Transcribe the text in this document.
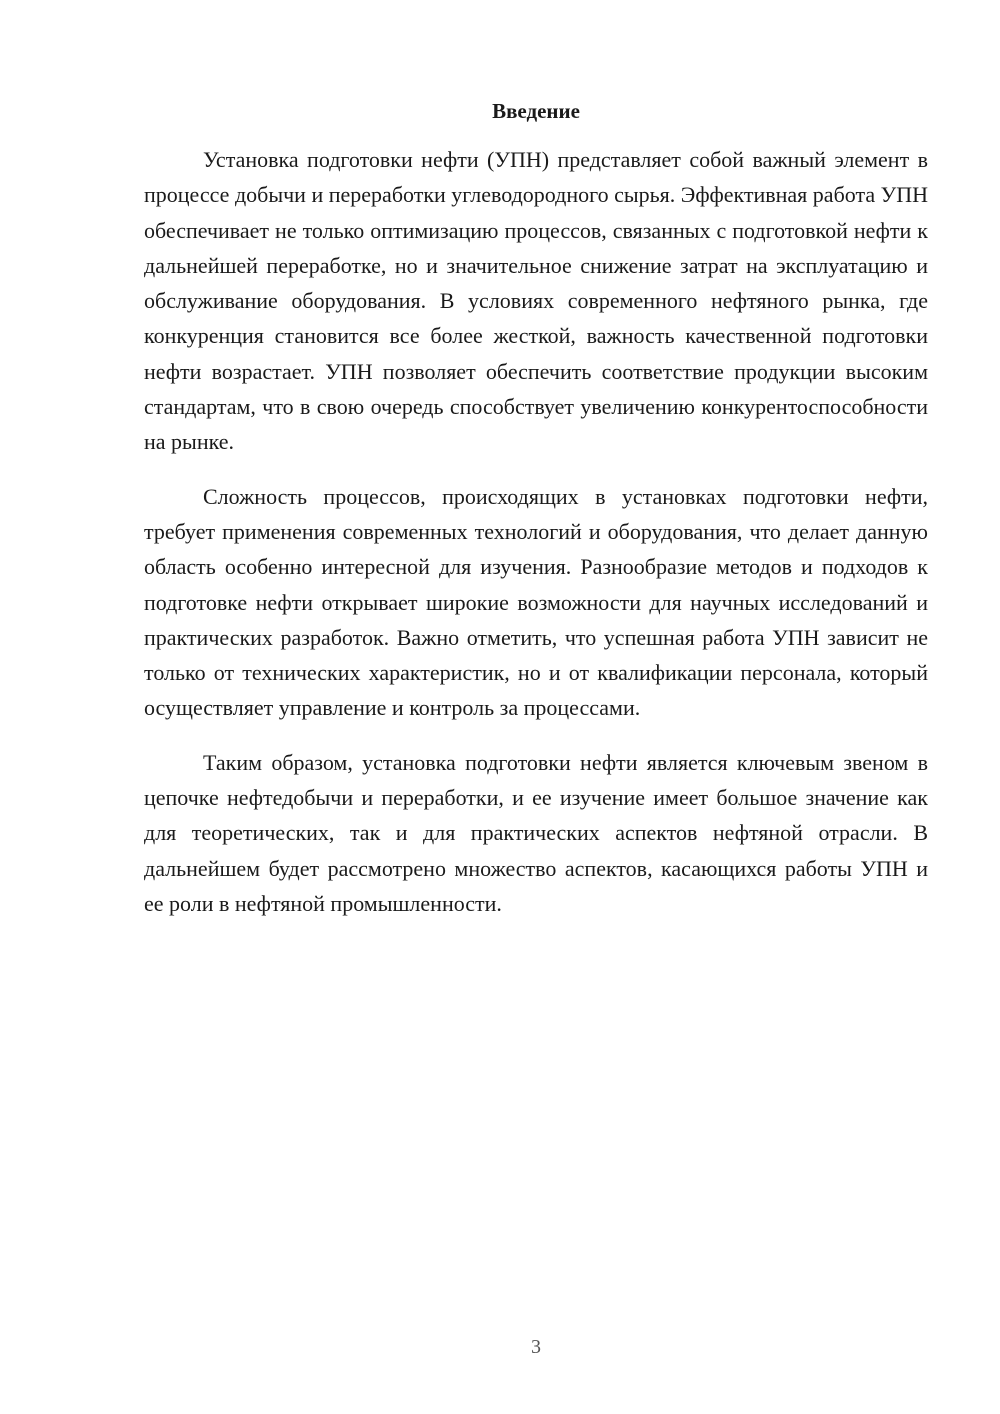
Введение

Установка подготовки нефти (УПН) представляет собой важный элемент в процессе добычи и переработки углеводородного сырья. Эффективная работа УПН обеспечивает не только оптимизацию процессов, связанных с подготовкой нефти к дальнейшей переработке, но и значительное снижение затрат на эксплуатацию и обслуживание оборудования. В условиях современного нефтяного рынка, где конкуренция становится все более жесткой, важность качественной подготовки нефти возрастает. УПН позволяет обеспечить соответствие продукции высоким стандартам, что в свою очередь способствует увеличению конкурентоспособности на рынке.

Сложность процессов, происходящих в установках подготовки нефти, требует применения современных технологий и оборудования, что делает данную область особенно интересной для изучения. Разнообразие методов и подходов к подготовке нефти открывает широкие возможности для научных исследований и практических разработок. Важно отметить, что успешная работа УПН зависит не только от технических характеристик, но и от квалификации персонала, который осуществляет управление и контроль за процессами.

Таким образом, установка подготовки нефти является ключевым звеном в цепочке нефтедобычи и переработки, и ее изучение имеет большое значение как для теоретических, так и для практических аспектов нефтяной отрасли. В дальнейшем будет рассмотрено множество аспектов, касающихся работы УПН и ее роли в нефтяной промышленности.

3
